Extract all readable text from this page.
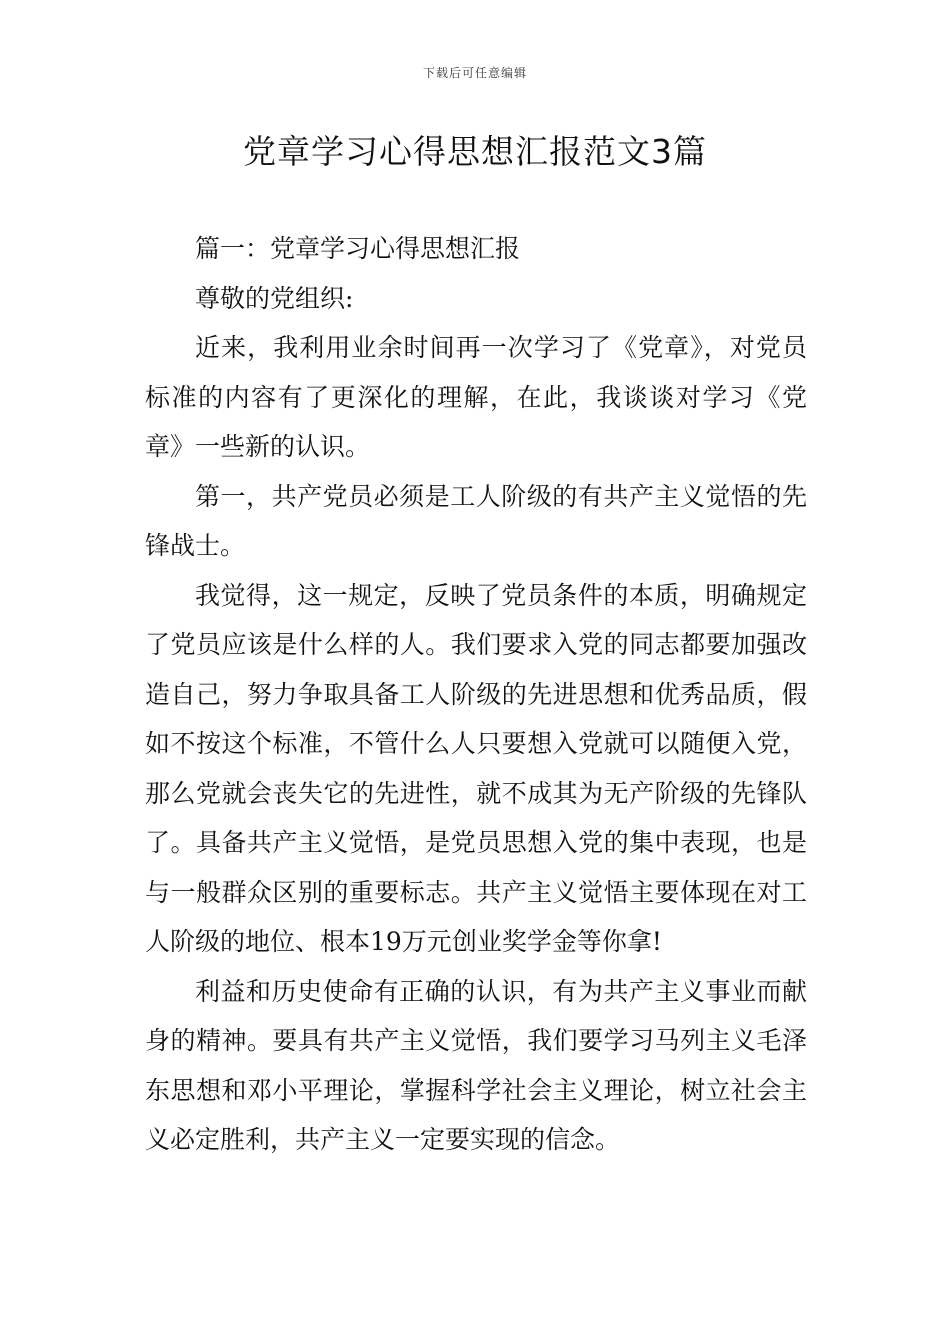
下载后可任意编辑
党章学习心得思想汇报范文3篇

篇一：党章学习心得思想汇报

尊敬的党组织:

近来，我利用业余时间再一次学习了《党章》，对党员标准的内容有了更深化的理解，在此，我谈谈对学习《党章》一些新的认识。

第一，共产党员必须是工人阶级的有共产主义觉悟的先锋战士。

我觉得，这一规定，反映了党员条件的本质，明确规定了党员应该是什么样的人。我们要求入党的同志都要加强改造自己，努力争取具备工人阶级的先进思想和优秀品质，假如不按这个标准，不管什么人只要想入党就可以随便入党，那么党就会丧失它的先进性，就不成其为无产阶级的先锋队了。具备共产主义觉悟，是党员思想入党的集中表现，也是与一般群众区别的重要标志。共产主义觉悟主要体现在对工人阶级的地位、根本19万元创业奖学金等你拿!

利益和历史使命有正确的认识，有为共产主义事业而献身的精神。要具有共产主义觉悟，我们要学习马列主义毛泽东思想和邓小平理论，掌握科学社会主义理论，树立社会主义必定胜利，共产主义一定要实现的信念。
